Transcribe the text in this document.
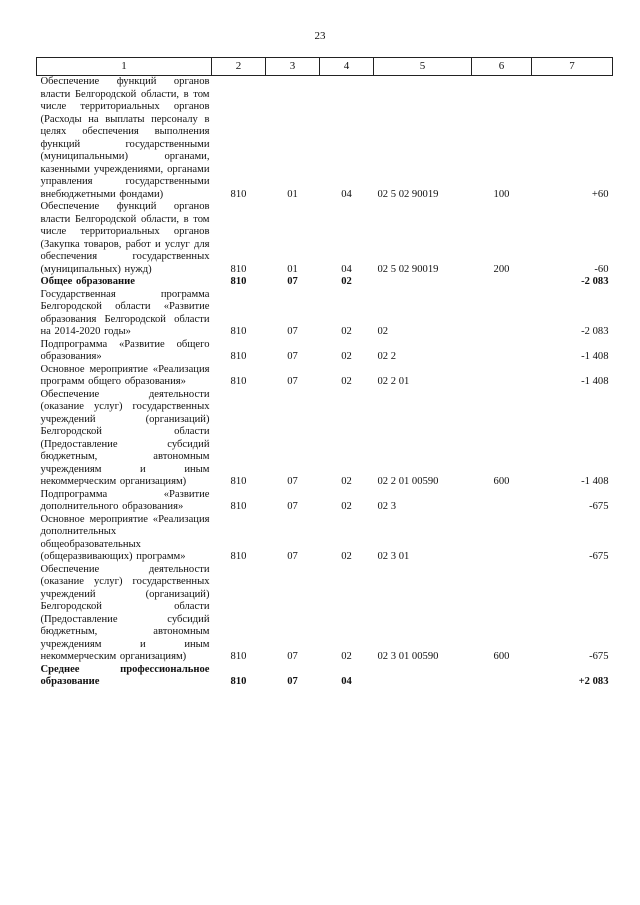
23
1	2	3	4	5	6	7
Обеспечение функций органов власти Белгородской области, в том числе территориальных органов (Расходы на выплаты персоналу в целях обеспечения выполнения функций государственными (муниципальными) органами, казенными учреждениями, органами управления государственными внебюджетными фондами)	810	01	04	02 5 02 90019	100	+60
Обеспечение функций органов власти Белгородской области, в том числе территориальных органов (Закупка товаров, работ и услуг для обеспечения государственных (муниципальных) нужд)	810	01	04	02 5 02 90019	200	-60
Общее образование	810	07	02			-2 083
Государственная программа Белгородской области «Развитие образования Белгородской области на 2014-2020 годы»	810	07	02	02		-2 083
Подпрограмма «Развитие общего образования»	810	07	02	02 2		-1 408
Основное мероприятие «Реализация программ общего образования»	810	07	02	02 2 01		-1 408
Обеспечение деятельности (оказание услуг) государственных учреждений (организаций) Белгородской области (Предоставление субсидий бюджетным, автономным учреждениям и иным некоммерческим организациям)	810	07	02	02 2 01 00590	600	-1 408
Подпрограмма «Развитие дополнительного образования»	810	07	02	02 3		-675
Основное мероприятие «Реализация дополнительных общеобразовательных (общеразвивающих) программ»	810	07	02	02 3 01		-675
Обеспечение деятельности (оказание услуг) государственных учреждений (организаций) Белгородской области (Предоставление субсидий бюджетным, автономным учреждениям и иным некоммерческим организациям)	810	07	02	02 3 01 00590	600	-675
Среднее профессиональное образование	810	07	04			+2 083
